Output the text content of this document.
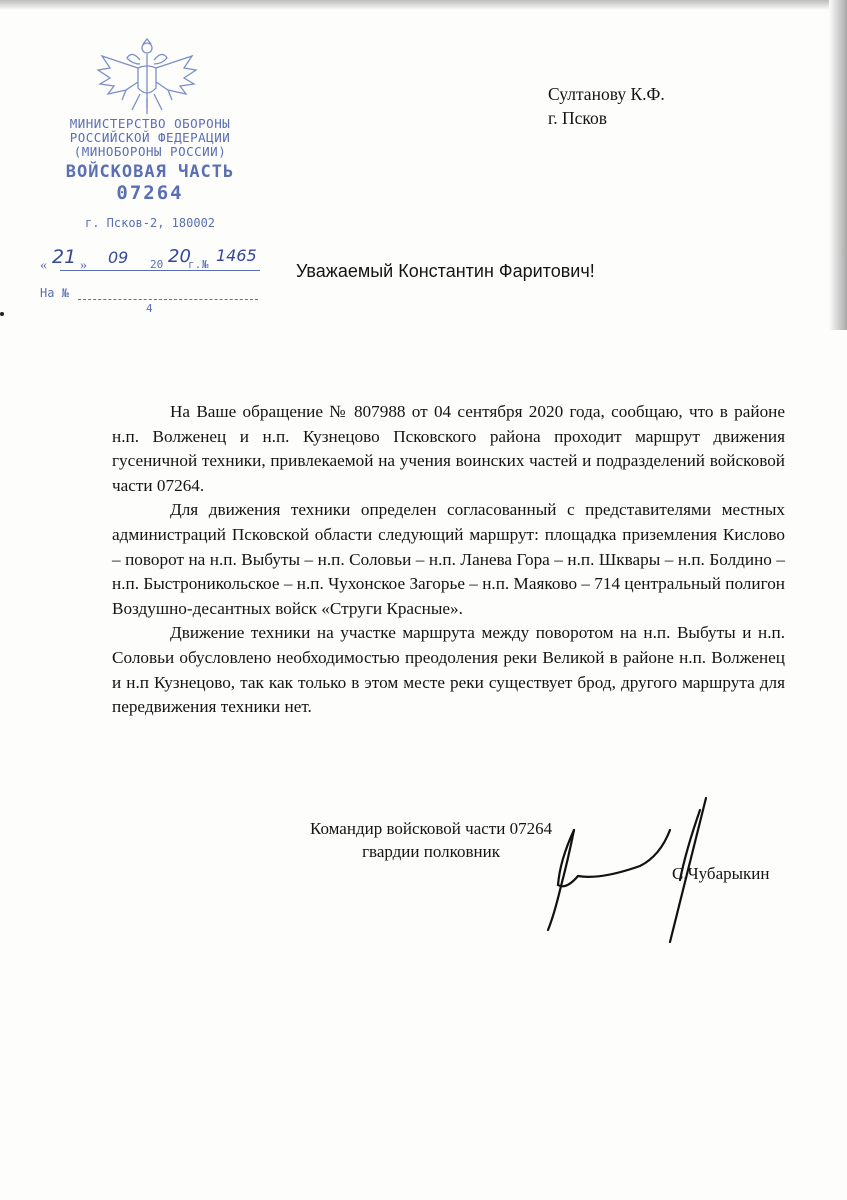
МИНИСТЕРСТВО ОБОРОНЫ
РОССИЙСКОЙ ФЕДЕРАЦИИ
(МИНОБОРОНЫ РОССИИ)
ВОЙСКОВАЯ ЧАСТЬ
07264
г. Псков-2, 180002
« 21 » 09 20 20
г. № 1465
На №
4
Султанову К.Ф.
г. Псков
Уважаемый Константин Фаритович!

На Ваше обращение № 807988 от 04 сентября 2020 года, сообщаю, что в районе н.п. Волженец и н.п. Кузнецово Псковского района проходит маршрут движения гусеничной техники, привлекаемой на учения воинских частей и подразделений войсковой части 07264.

Для движения техники определен согласованный с представителями местных администраций Псковской области следующий маршрут: площадка приземления Кислово – поворот на н.п. Выбуты – н.п. Соловьи – н.п. Ланева Гора – н.п. Шквары – н.п. Болдино – н.п. Быстроникольское – н.п. Чухонское Загорье – н.п. Маяково – 714 центральный полигон Воздушно-десантных войск «Струги Красные».

Движение техники на участке маршрута между поворотом на н.п. Выбуты и н.п. Соловьи обусловлено необходимостью преодоления реки Великой в районе н.п. Волженец и н.п Кузнецово, так как только в этом месте реки существует брод, другого маршрута для передвижения техники нет.

Командир войсковой части 07264
гвардии полковник
С.Чубарыкин
